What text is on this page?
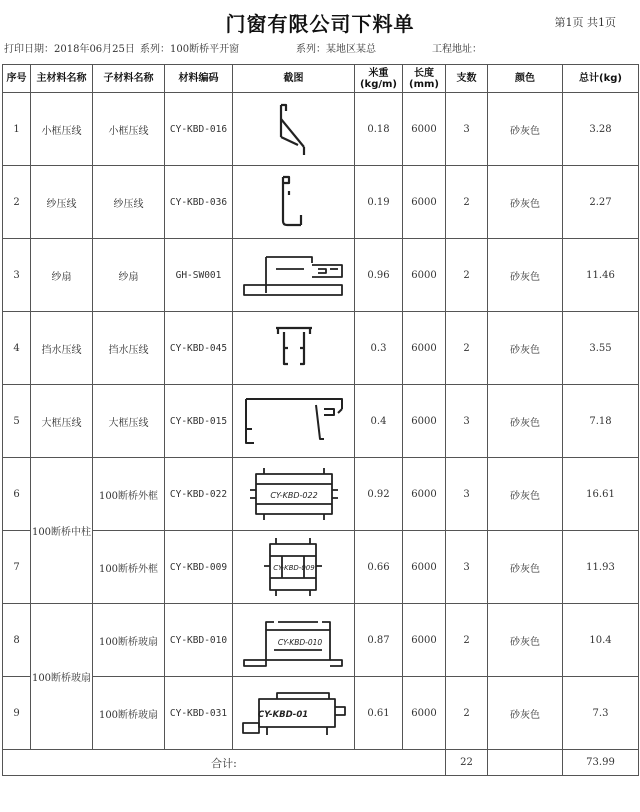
门窗有限公司下料单	第1页 共1页
打印日期：2018年06月25日 系列：100断桥平开窗	系列：某地区某总	工程地址：
序号	主材料名称	子材料名称	材料编码	截图	米重(kg/m)	长度(mm)	支数	颜色	总计(kg)
1	小框压线	小框压线	CY-KBD-016		0.18	6000	3	砂灰色	3.28
2	纱压线	纱压线	CY-KBD-036		0.19	6000	2	砂灰色	2.27
3	纱扇	纱扇	GH-SW001		0.96	6000	2	砂灰色	11.46
4	挡水压线	挡水压线	CY-KBD-045		0.3	6000	2	砂灰色	3.55
5	大框压线	大框压线	CY-KBD-015		0.4	6000	3	砂灰色	7.18
6	100断桥中柱	100断桥外框	CY-KBD-022	CY-KBD-022	0.92	6000	3	砂灰色	16.61
7		100断桥外框	CY-KBD-009	CY-KBD-009	0.66	6000	3	砂灰色	11.93
8	100断桥玻扇	100断桥玻扇	CY-KBD-010	CY-KBD-010	0.87	6000	2	砂灰色	10.4
9		100断桥玻扇	CY-KBD-031	CY-KBD-01	0.61	6000	2	砂灰色	7.3
合计:							22		73.99
